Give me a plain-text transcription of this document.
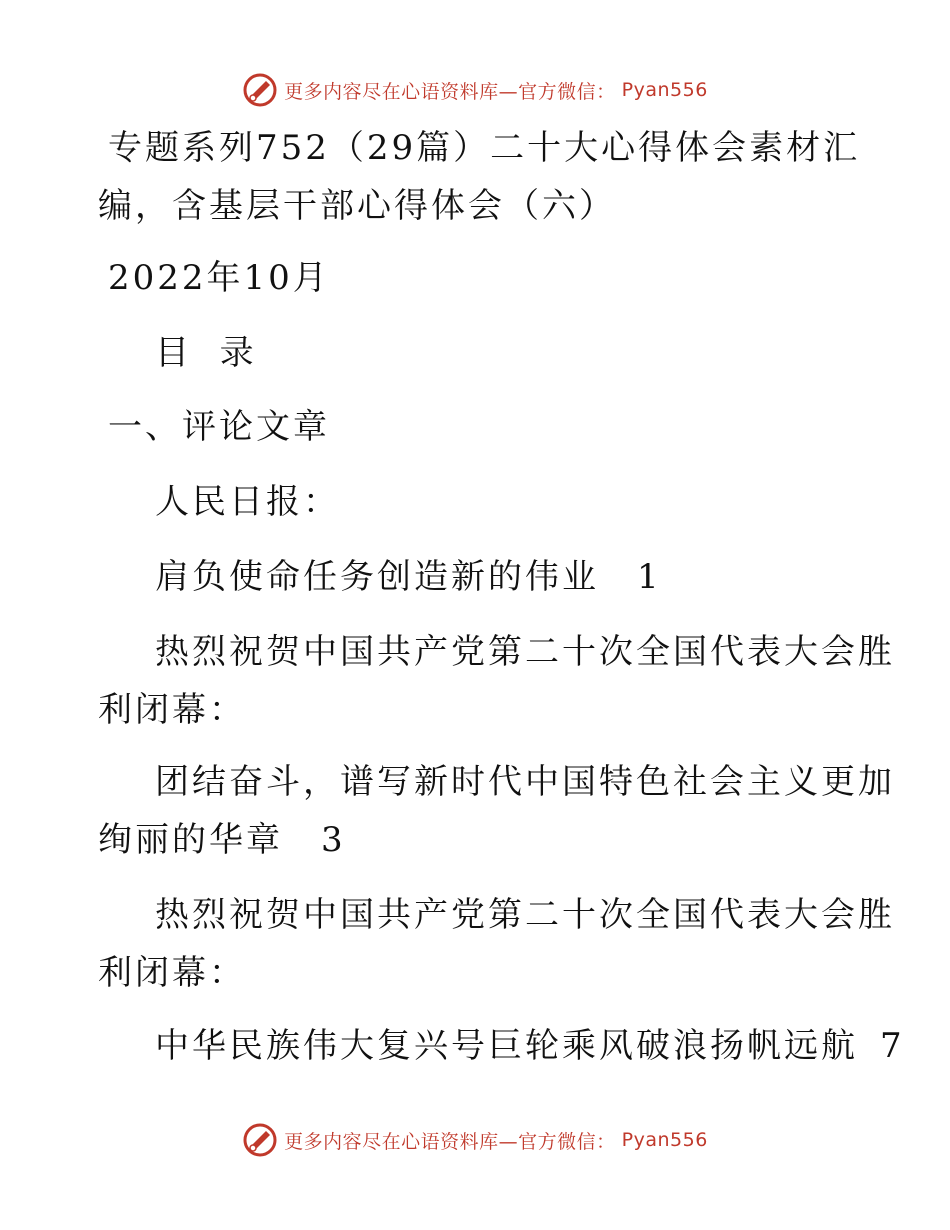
更多内容尽在心语资料库—官方微信： Pyan556
专题系列752（29篇）二十大心得体会素材汇
编，含基层干部心得体会（六）
2022年10月
目  录
一、评论文章
人民日报：
肩负使命任务创造新的伟业 1
热烈祝贺中国共产党第二十次全国代表大会胜
利闭幕：
团结奋斗，谱写新时代中国特色社会主义更加
绚丽的华章 3
热烈祝贺中国共产党第二十次全国代表大会胜
利闭幕：
中华民族伟大复兴号巨轮乘风破浪扬帆远航 7
更多内容尽在心语资料库—官方微信： Pyan556
